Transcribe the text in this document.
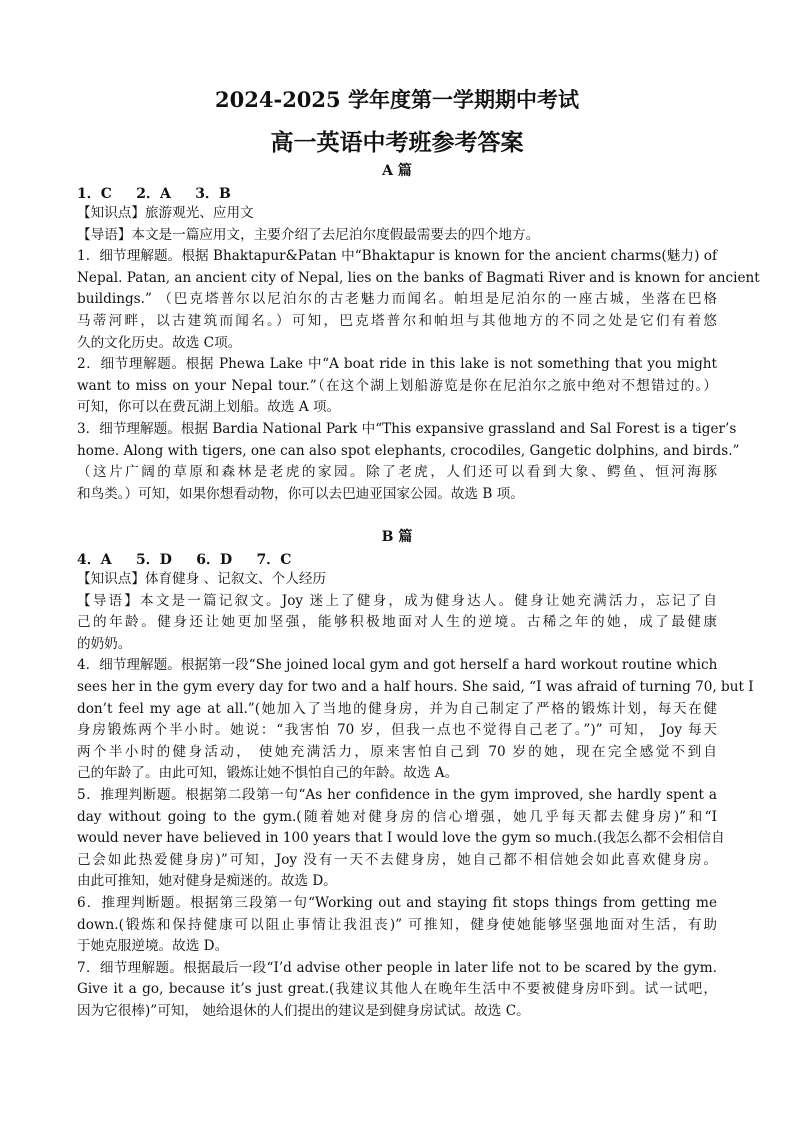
2024-2025 学年度第一学期期中考试
高一英语中考班参考答案
A 篇
1．C     2．A     3．B
【知识点】旅游观光、应用文
【导语】本文是一篇应用文，主要介绍了去尼泊尔度假最需要去的四个地方。
1．细节理解题。根据 Bhaktapur&Patan 中“Bhaktapur is known for the ancient charms(魅力) of
Nepal. Patan, an ancient city of Nepal, lies on the banks of Bagmati River and is known for ancient
buildings.” （巴克塔普尔以尼泊尔的古老魅力而闻名。帕坦是尼泊尔的一座古城，坐落在巴格
马蒂河畔，以古建筑而闻名。）可知，巴克塔普尔和帕坦与其他地方的不同之处是它们有着悠
久的文化历史。故选 C项。
2．细节理解题。根据 Phewa Lake 中“A boat ride in this lake is not something that you might
want to miss on your Nepal tour.”（在这个湖上划船游览是你在尼泊尔之旅中绝对不想错过的。）
可知，你可以在费瓦湖上划船。故选 A 项。
3．细节理解题。根据 Bardia National Park 中“This expansive grassland and Sal Forest is a tiger’s
home. Along with tigers, one can also spot elephants, crocodiles, Gangetic dolphins, and birds.”
（这片广阔的草原和森林是老虎的家园。除了老虎，人们还可以看到大象、鳄鱼、恒河海豚
和鸟类。）可知，如果你想看动物，你可以去巴迪亚国家公园。故选 B 项。
B 篇
4．A     5．D     6．D     7．C
【知识点】体育健身 、记叙文、个人经历
【导语】本文是一篇记叙文。Joy 迷上了健身，成为健身达人。健身让她充满活力，忘记了自
己的年龄。健身还让她更加坚强，能够积极地面对人生的逆境。古稀之年的她，成了最健康
的奶奶。
4．细节理解题。根据第一段“She joined local gym and got herself a hard workout routine which
sees her in the gym every day for two and a half hours. She said, “I was afraid of turning 70, but I
don’t feel my age at all.”(她加入了当地的健身房，并为自己制定了严格的锻炼计划，每天在健
身房锻炼两个半小时。她说：“我害怕 70 岁，但我一点也不觉得自己老了。”)” 可知， Joy 每天
两个半小时的健身活动， 使她充满活力，原来害怕自己到 70 岁的她，现在完全感觉不到自
己的年龄了。由此可知，锻炼让她不惧怕自己的年龄。故选 A。
5．推理判断题。根据第二段第一句“As her confidence in the gym improved, she hardly spent a
day without going to the gym.(随着她对健身房的信心增强，她几乎每天都去健身房)”和“I
would never have believed in 100 years that I would love the gym so much.(我怎么都不会相信自
己会如此热爱健身房)”可知，Joy 没有一天不去健身房，她自己都不相信她会如此喜欢健身房。
由此可推知，她对健身是痴迷的。故选 D。
6．推理判断题。根据第三段第一句“Working out and staying fit stops things from getting me
down.(锻炼和保持健康可以阻止事情让我沮丧)” 可推知，健身使她能够坚强地面对生活，有助
于她克服逆境。故选 D。
7．细节理解题。根据最后一段“I’d advise other people in later life not to be scared by the gym.
Give it a go, because it’s just great.(我建议其他人在晚年生活中不要被健身房吓到。试一试吧，
因为它很棒)”可知， 她给退休的人们提出的建议是到健身房试试。故选 C。
